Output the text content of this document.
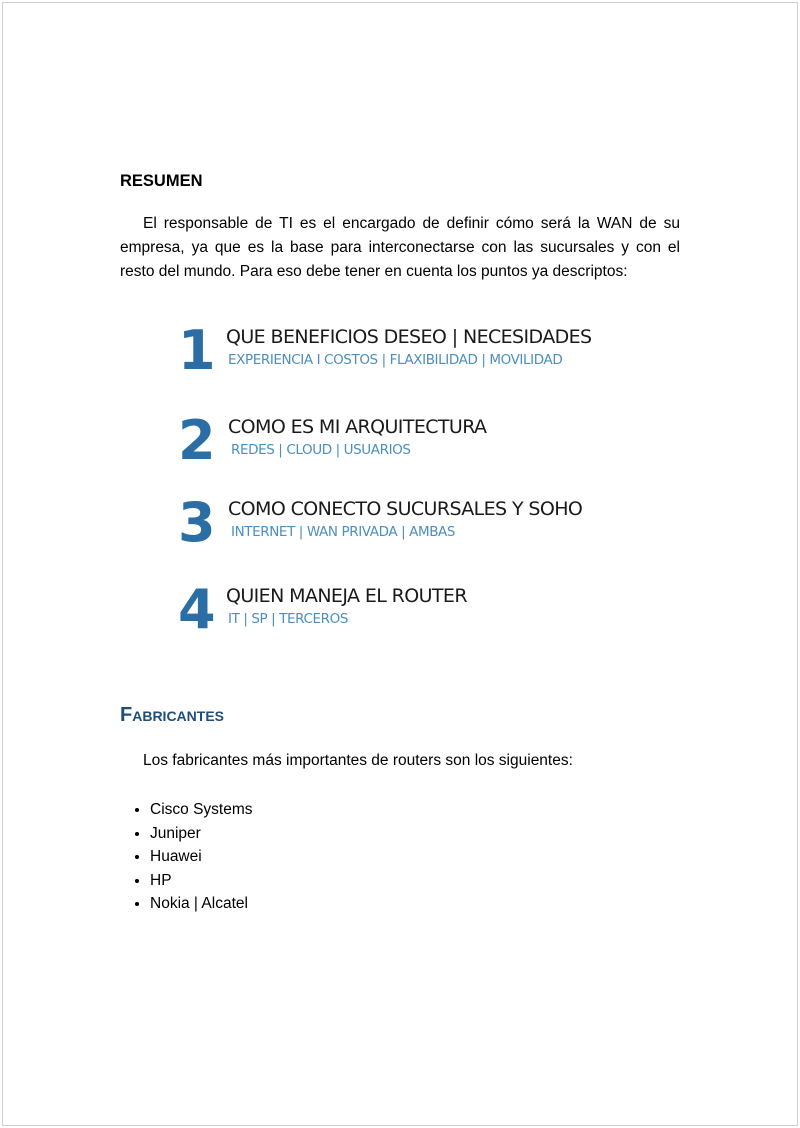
RESUMEN
El responsable de TI es el encargado de definir cómo será la WAN de su empresa, ya que es la base para interconectarse con las sucursales y con el resto del mundo. Para eso debe tener en cuenta los puntos ya descriptos:
1 QUE BENEFICIOS DESEO | NECESIDADES
EXPERIENCIA I COSTOS | FLAXIBILIDAD | MOVILIDAD
2 COMO ES MI ARQUITECTURA
REDES | CLOUD | USUARIOS
3 COMO CONECTO SUCURSALES Y SOHO
INTERNET | WAN PRIVADA | AMBAS
4 QUIEN MANEJA EL ROUTER
IT | SP | TERCEROS
Fabricantes
Los fabricantes más importantes de routers son los siguientes:
• Cisco Systems
• Juniper
• Huawei
• HP
• Nokia | Alcatel
